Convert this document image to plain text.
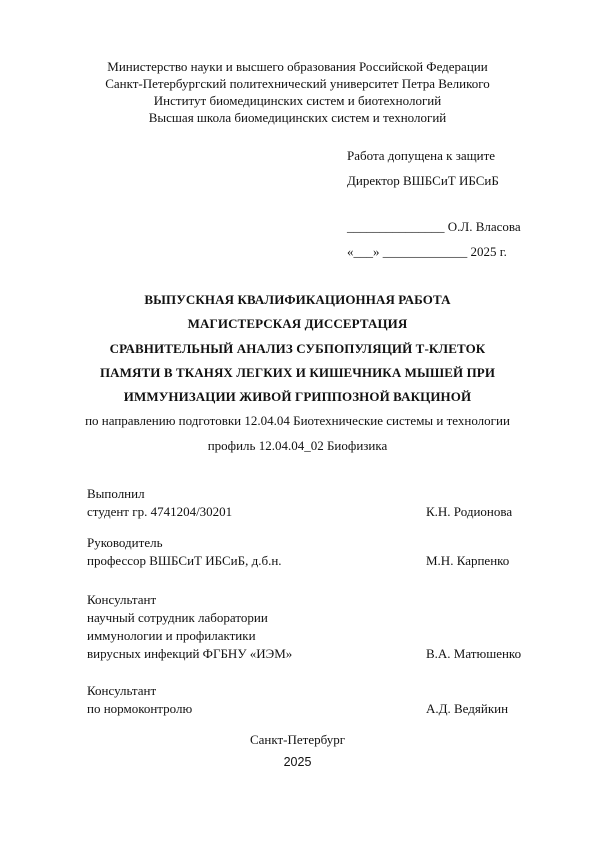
Министерство науки и высшего образования Российской Федерации
Санкт-Петербургский политехнический университет Петра Великого
Институт биомедицинских систем и биотехнологий
Высшая школа биомедицинских систем и технологий
Работа допущена к защите
Директор ВШБСиТ ИБСиБ
_______________ О.Л. Власова
«___» _____________ 2025 г.
ВЫПУСКНАЯ КВАЛИФИКАЦИОННАЯ РАБОТА
МАГИСТЕРСКАЯ ДИССЕРТАЦИЯ
СРАВНИТЕЛЬНЫЙ АНАЛИЗ СУБПОПУЛЯЦИЙ Т-КЛЕТОК
ПАМЯТИ В ТКАНЯХ ЛЕГКИХ И КИШЕЧНИКА МЫШЕЙ ПРИ
ИММУНИЗАЦИИ ЖИВОЙ ГРИППОЗНОЙ ВАКЦИНОЙ
по направлению подготовки 12.04.04 Биотехнические системы и технологии
профиль 12.04.04_02 Биофизика
Выполнил
студент гр. 4741204/30201	К.Н. Родионова
Руководитель
профессор ВШБСиТ ИБСиБ, д.б.н.	М.Н. Карпенко
Консультант
научный сотрудник лаборатории
иммунологии и профилактики
вирусных инфекций ФГБНУ «ИЭМ»	В.А. Матюшенко
Консультант
по нормоконтролю	А.Д. Ведяйкин
Санкт-Петербург
2025
